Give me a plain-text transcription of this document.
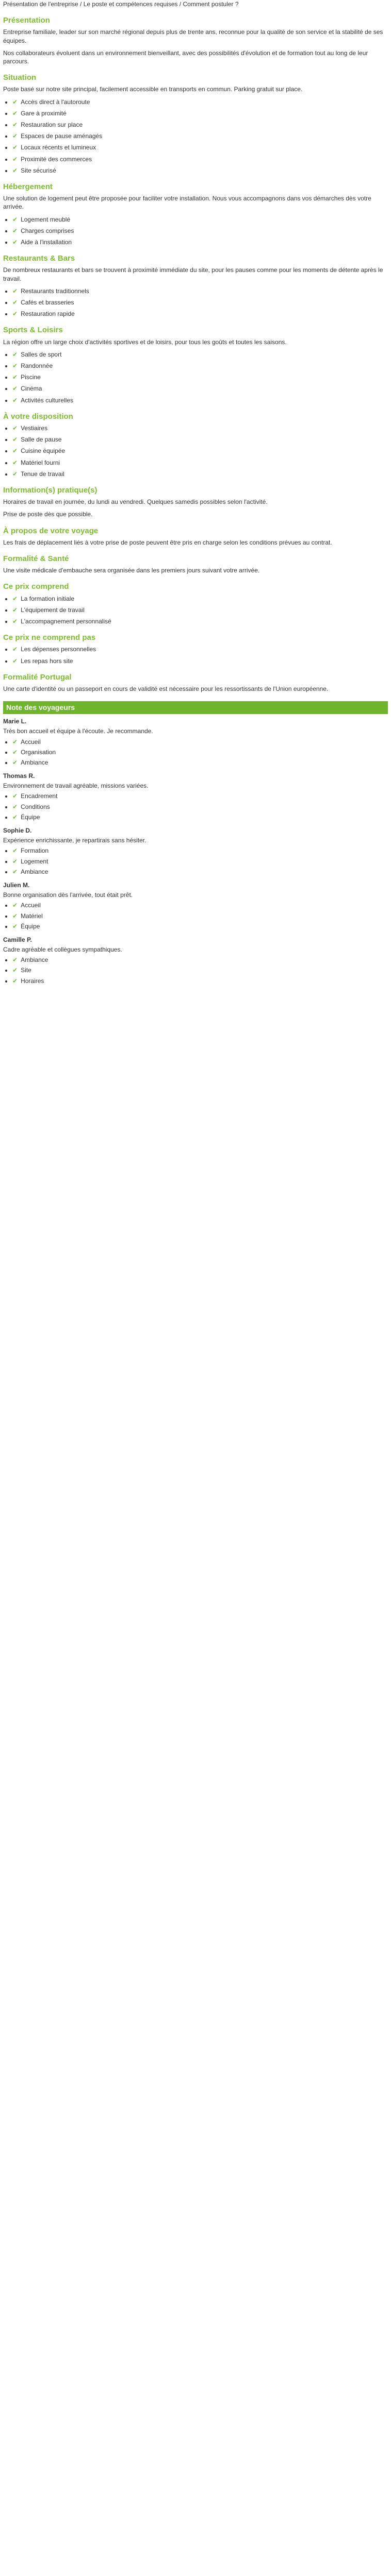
Présentation de l'entreprise / Le poste et compétences requises / Comment postuler ?

Présentation

Entreprise familiale, leader sur son marché régional depuis plus de trente ans, reconnue pour la qualité de son service et la stabilité de ses équipes.

Nos collaborateurs évoluent dans un environnement bienveillant, avec des possibilités d'évolution et de formation tout au long de leur parcours.

Situation

Poste basé sur notre site principal, facilement accessible en transports en commun. Parking gratuit sur place.

• ✔ Accès direct à l'autoroute
• ✔ Gare à proximité
• ✔ Restauration sur place
• ✔ Espaces de pause aménagés
• ✔ Locaux récents et lumineux
• ✔ Proximité des commerces
• ✔ Site sécurisé
Hébergement

Une solution de logement peut être proposée pour faciliter votre installation. Nous vous accompagnons dans vos démarches dès votre arrivée.

• ✔ Logement meublé
• ✔ Charges comprises
• ✔ Aide à l'installation
Restaurants & Bars

De nombreux restaurants et bars se trouvent à proximité immédiate du site, pour les pauses comme pour les moments de détente après le travail.

• ✔ Restaurants traditionnels
• ✔ Cafés et brasseries
• ✔ Restauration rapide
Sports & Loisirs

La région offre un large choix d'activités sportives et de loisirs, pour tous les goûts et toutes les saisons.

• ✔ Salles de sport
• ✔ Randonnée
• ✔ Piscine
• ✔ Cinéma
• ✔ Activités culturelles
À votre disposition
• ✔ Vestiaires
• ✔ Salle de pause
• ✔ Cuisine équipée
• ✔ Matériel fourni
• ✔ Tenue de travail
Information(s) pratique(s)

Horaires de travail en journée, du lundi au vendredi. Quelques samedis possibles selon l'activité.

Prise de poste dès que possible.

À propos de votre voyage

Les frais de déplacement liés à votre prise de poste peuvent être pris en charge selon les conditions prévues au contrat.

Formalité & Santé

Une visite médicale d'embauche sera organisée dans les premiers jours suivant votre arrivée.

Ce prix comprend
• ✔ La formation initiale
• ✔ L'équipement de travail
• ✔ L'accompagnement personnalisé
Ce prix ne comprend pas
• ✔ Les dépenses personnelles
• ✔ Les repas hors site
Formalité Portugal

Une carte d'identité ou un passeport en cours de validité est nécessaire pour les ressortissants de l'Union européenne.

Note des voyageurs
Marie L.
Très bon accueil et équipe à l'écoute. Je recommande.
• ✔ Accueil
• ✔ Organisation
• ✔ Ambiance
Thomas R.
Environnement de travail agréable, missions variées.
• ✔ Encadrement
• ✔ Conditions
• ✔ Équipe
Sophie D.
Expérience enrichissante, je repartirais sans hésiter.
• ✔ Formation
• ✔ Logement
• ✔ Ambiance
Julien M.
Bonne organisation dès l'arrivée, tout était prêt.
• ✔ Accueil
• ✔ Matériel
• ✔ Équipe
Camille P.
Cadre agréable et collègues sympathiques.
• ✔ Ambiance
• ✔ Site
• ✔ Horaires
